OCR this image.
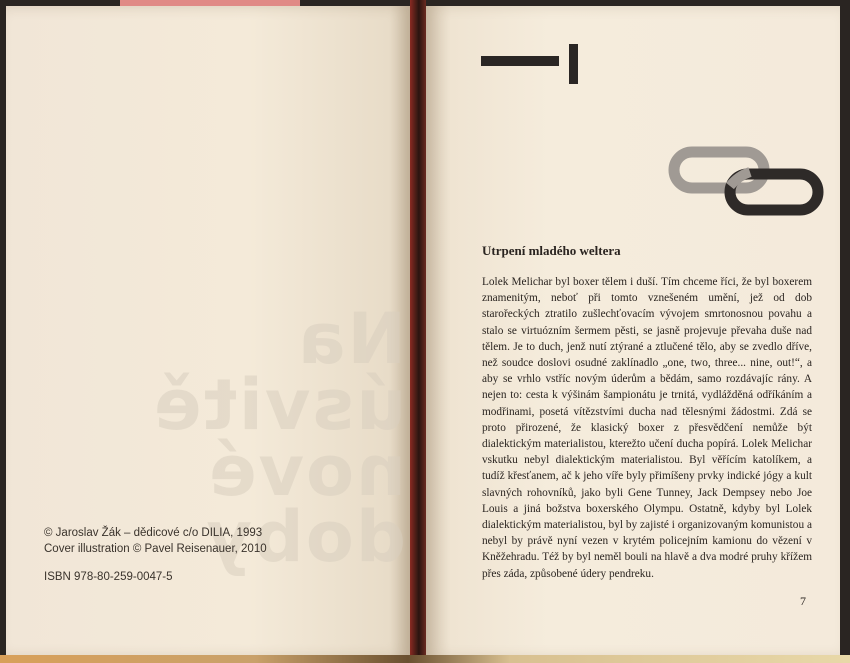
Na úsvitě
nové doby

© Jaroslav Žák – dědicové c/o DILIA, 1993

Cover illustration © Pavel Reisenauer, 2010

ISBN 978-80-259-0047-5

Utrpení mladého weltera

Lolek Melichar byl boxer tělem i duší. Tím chceme říci, že byl boxerem znamenitým, neboť při tomto vznešeném umění, jež od dob starořeckých ztratilo zušlechťovacím vývojem smrtonosnou povahu a stalo se virtuózním šermem pěsti, se jasně projevuje převaha duše nad tělem. Je to duch, jenž nutí ztýrané a ztlučené tělo, aby se zvedlo dříve, než soudce doslovi osudné zaklínadlo „one, two, three... nine, out!“, a aby se vrhlo vstříc novým úderům a bědám, samo rozdávajíc rány. A nejen to: cesta k výšinám šampionátu je trnitá, vydlážděná odříkáním a modřinami, posetá vítězstvími ducha nad tělesnými žádostmi. Zdá se proto přirozené, že klasický boxer z přesvědčení nemůže být dialektickým materialistou, kterežto učení ducha popírá. Lolek Melichar vskutku nebyl dialektickým materialistou. Byl věřícím katolíkem, a tudíž křesťanem, ač k jeho víře byly přimíšeny prvky indické jógy a kult slavných rohovníků, jako byli Gene Tunney, Jack Dempsey nebo Joe Louis a jiná božstva boxerského Olympu. Ostatně, kdyby byl Lolek dialektickým materialistou, byl by zajisté i organizovaným komunistou a nebyl by právě nyní vezen v krytém policejním kamionu do vězení v Kněžehradu. Též by byl neměl bouli na hlavě a dva modré pruhy křížem přes záda, způsobené údery pendreku.

7
